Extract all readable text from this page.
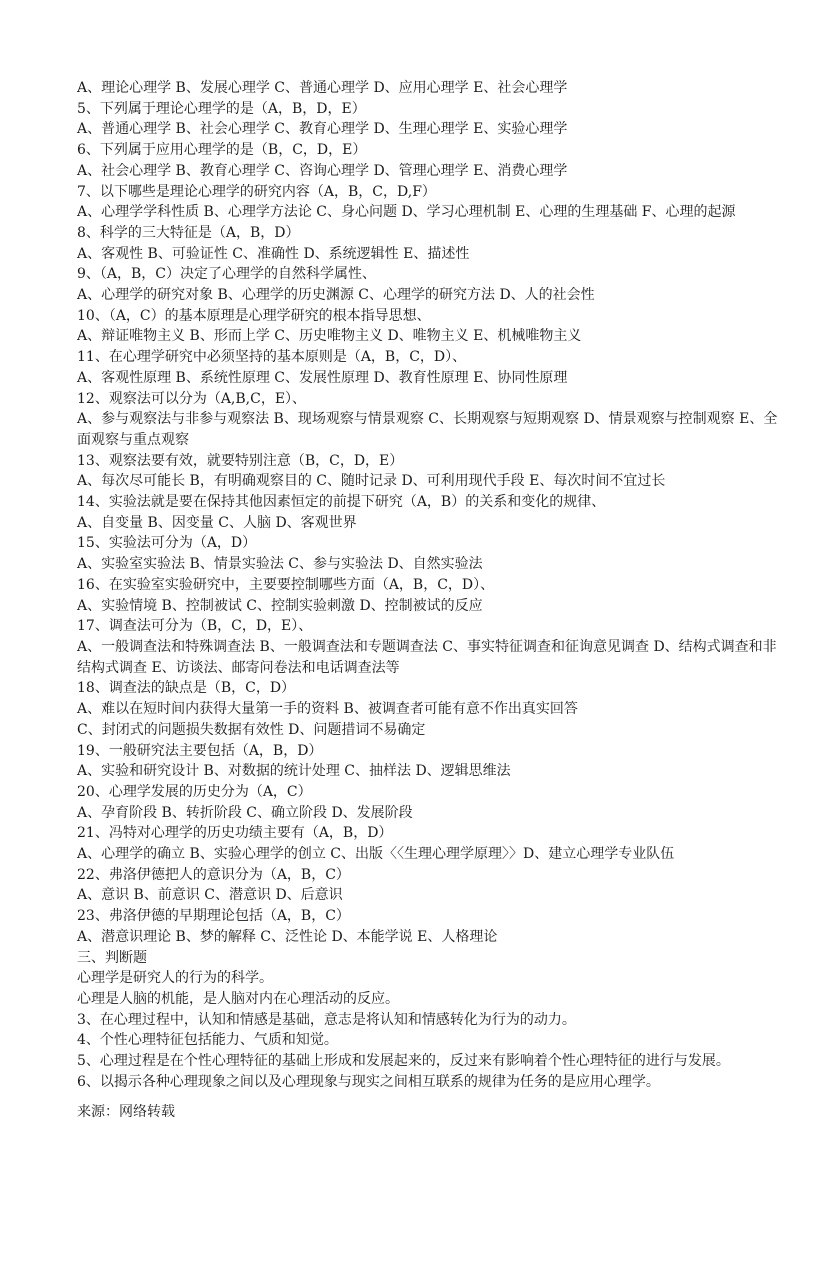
A、理论心理学 B、发展心理学 C、普通心理学 D、应用心理学 E、社会心理学
5、下列属于理论心理学的是（A，B，D，E）
A、普通心理学 B、社会心理学 C、教育心理学 D、生理心理学 E、实验心理学
6、下列属于应用心理学的是（B，C，D，E）
A、社会心理学 B、教育心理学 C、咨询心理学 D、管理心理学 E、消费心理学
7、以下哪些是理论心理学的研究内容（A，B，C，D,F）
A、心理学学科性质 B、心理学方法论 C、身心问题 D、学习心理机制 E、心理的生理基础 F、心理的起源
8、科学的三大特征是（A，B，D）
A、客观性 B、可验证性 C、准确性 D、系统逻辑性 E、描述性
9、（A，B，C）决定了心理学的自然科学属性、
A、心理学的研究对象 B、心理学的历史渊源 C、心理学的研究方法 D、人的社会性
10、（A，C）的基本原理是心理学研究的根本指导思想、
A、辩证唯物主义 B、形而上学 C、历史唯物主义 D、唯物主义 E、机械唯物主义
11、在心理学研究中必须坚持的基本原则是（A，B，C，D）、
A、客观性原理 B、系统性原理 C、发展性原理 D、教育性原理 E、协同性原理
12、观察法可以分为（A,B,C，E）、
A、参与观察法与非参与观察法 B、现场观察与情景观察 C、长期观察与短期观察 D、情景观察与控制观察 E、全面观察与重点观察
13、观察法要有效，就要特别注意（B，C，D，E）
A、每次尽可能长 B，有明确观察目的 C、随时记录 D、可利用现代手段 E、每次时间不宜过长
14、实验法就是要在保持其他因素恒定的前提下研究（A，B）的关系和变化的规律、
A、自变量 B、因变量 C、人脑 D、客观世界
15、实验法可分为（A，D）
A、实验室实验法 B、情景实验法 C、参与实验法 D、自然实验法
16、在实验室实验研究中，主要要控制哪些方面（A，B，C，D）、
A、实验情境 B、控制被试 C、控制实验刺激 D、控制被试的反应
17、调查法可分为（B，C，D，E）、
A、一般调查法和特殊调查法 B、一般调查法和专题调查法 C、事实特征调查和征询意见调查 D、结构式调查和非结构式调查 E、访谈法、邮寄问卷法和电话调查法等
18、调查法的缺点是（B，C，D）
A、难以在短时间内获得大量第一手的资料 B、被调查者可能有意不作出真实回答
C、封闭式的问题损失数据有效性 D、问题措词不易确定
19、一般研究法主要包括（A，B，D）
A、实验和研究设计 B、对数据的统计处理 C、抽样法 D、逻辑思维法
20、心理学发展的历史分为（A，C）
A、孕育阶段 B、转折阶段 C、确立阶段 D、发展阶段
21、冯特对心理学的历史功绩主要有（A，B，D）
A、心理学的确立 B、实验心理学的创立 C、出版〈〈生理心理学原理〉〉D、建立心理学专业队伍
22、弗洛伊德把人的意识分为（A，B，C）
A、意识 B、前意识 C、潜意识 D、后意识
23、弗洛伊德的早期理论包括（A，B，C）
A、潜意识理论 B、梦的解释 C、泛性论 D、本能学说 E、人格理论
三、判断题
心理学是研究人的行为的科学。
心理是人脑的机能，是人脑对内在心理活动的反应。
3、在心理过程中，认知和情感是基础，意志是将认知和情感转化为行为的动力。
4、个性心理特征包括能力、气质和知觉。
5、心理过程是在个性心理特征的基础上形成和发展起来的，反过来有影响着个性心理特征的进行与发展。
6、以揭示各种心理现象之间以及心理现象与现实之间相互联系的规律为任务的是应用心理学。
来源：网络转载
